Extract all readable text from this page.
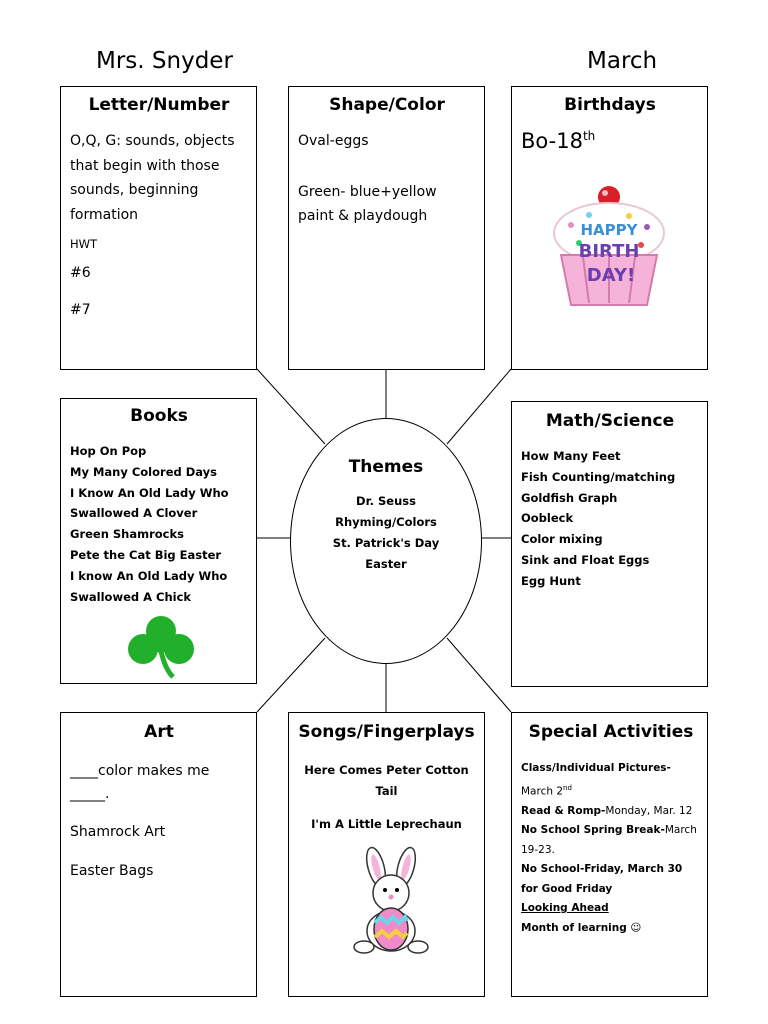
Mrs. Snyder	March
Letter/Number
O,Q, G: sounds, objects that begin with those sounds, beginning formation
HWT
#6
#7
Shape/Color
Oval-eggs
Green- blue+yellow paint & playdough
Birthdays
Bo-18th
HAPPY
BIRTH
DAY!
Books
Hop On Pop
My Many Colored Days
I Know An Old Lady Who Swallowed A Clover
Green Shamrocks
Pete the Cat Big Easter
I know An Old Lady Who Swallowed A Chick
Themes
Dr. Seuss
Rhyming/Colors
St. Patrick's Day
Easter
Math/Science
How Many Feet
Fish Counting/matching
Goldfish Graph
Oobleck
Color mixing
Sink and Float Eggs
Egg Hunt
Art
____color makes me
_____.
Shamrock Art
Easter Bags
Songs/Fingerplays
Here Comes Peter Cotton Tail
I'm A Little Leprechaun
Special Activities
Class/Individual Pictures-
March 2nd
Read & Romp-Monday, Mar. 12
No School Spring Break-March 19-23.
No School-Friday, March 30 for Good Friday
Looking Ahead
Month of learning ☺
